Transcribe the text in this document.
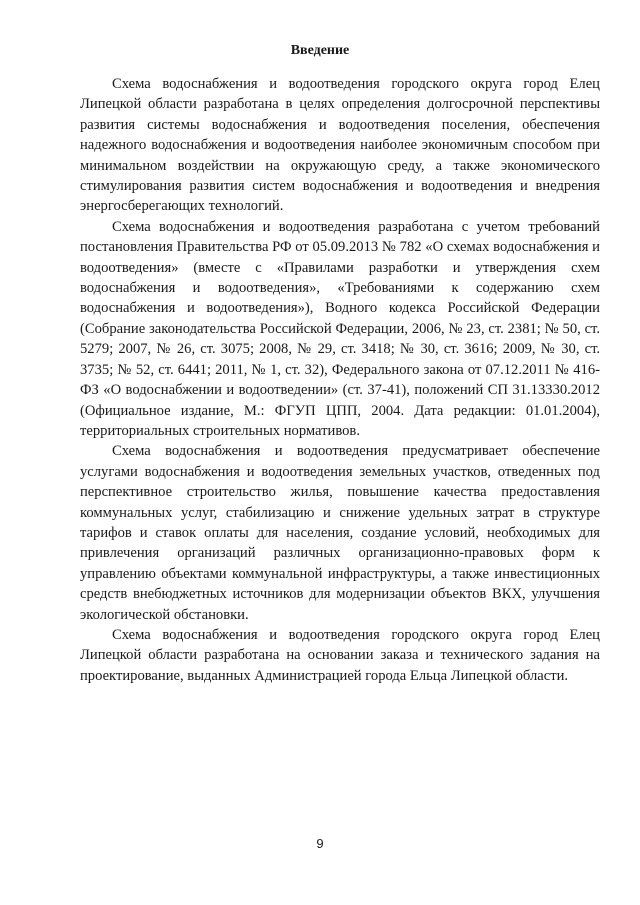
Введение

Схема водоснабжения и водоотведения городского округа город Елец Липецкой области разработана в целях определения долгосрочной перспективы развития системы водоснабжения и водоотведения поселения, обеспечения надежного водоснабжения и водоотведения наиболее экономичным способом при минимальном воздействии на окружающую среду, а также экономического стимулирования развития систем водоснабжения и водоотведения и внедрения энергосберегающих технологий.

Схема водоснабжения и водоотведения разработана с учетом требований постановления Правительства РФ от 05.09.2013 № 782 «О схемах водоснабжения и водоотведения» (вместе с «Правилами разработки и утверждения схем водоснабжения и водоотведения», «Требованиями к содержанию схем водоснабжения и водоотведения»), Водного кодекса Российской Федерации (Собрание законодательства Российской Федерации, 2006, № 23, ст. 2381; № 50, ст. 5279; 2007, № 26, ст. 3075; 2008, № 29, ст. 3418; № 30, ст. 3616; 2009, № 30, ст. 3735; № 52, ст. 6441; 2011, № 1, ст. 32), Федерального закона от 07.12.2011 № 416-ФЗ «О водоснабжении и водоотведении» (ст. 37-41), положений СП 31.13330.2012 (Официальное издание, М.: ФГУП ЦПП, 2004. Дата редакции: 01.01.2004), территориальных строительных нормативов.

Схема водоснабжения и водоотведения предусматривает обеспечение услугами водоснабжения и водоотведения земельных участков, отведенных под перспективное строительство жилья, повышение качества предоставления коммунальных услуг, стабилизацию и снижение удельных затрат в структуре тарифов и ставок оплаты для населения, создание условий, необходимых для привлечения организаций различных организационно-правовых форм к управлению объектами коммунальной инфраструктуры, а также инвестиционных средств внебюджетных источников для модернизации объектов ВКХ, улучшения экологической обстановки.

Схема водоснабжения и водоотведения городского округа город Елец Липецкой области разработана на основании заказа и технического задания на проектирование, выданных Администрацией города Ельца Липецкой области.

9
